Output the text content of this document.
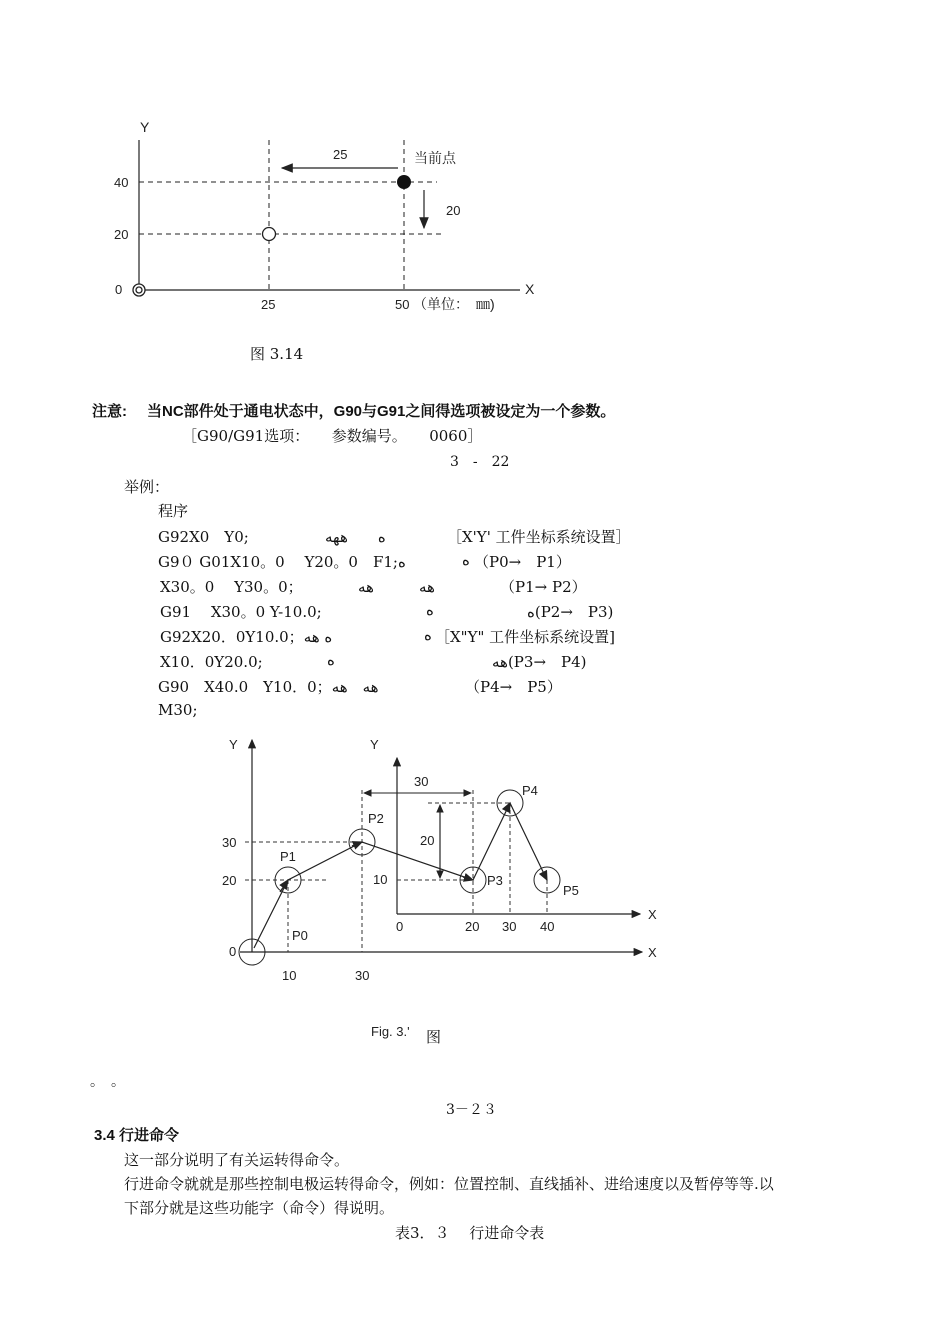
Y
X
40
20
0
25	50 （单位：　㎜)
25
20
当前点
Y	Y
X
X
30
20
0
10
10	30
0	20 30 40
30
20
P0
P1
P2
P3
P4
P5
Fig. 3.'
图 3.14
注意: 当NC部件处于通电状态中，G90与G91之间得选项被设定为一个参数。
［G90/G91选项：　　参数编号。　　0060］
3　-　22
举例：
程序
G92X0　Y0;	ه　　ههه	［X'Y' 工件坐标系统设置］
G9０ G01X10。0　 Y20。0　F1;ه	ه （P0→　P1）
X30。0　 Y30。0；	هه　　　هه	（P1→ P2）
G91　 X30。0 Y-10.0;	ه	ه(P2→　P3)
G92X20．0Y10.0；ه هه	ه ［X"Y" 工件坐标系统设置]
X10．0Y20.0;	ه	هه(P3→　P4)
G90　X40.0　Y10．0；هه　هه	（P4→　P5）
M30;
图
。　。
3－２３
3.4 行进命令
这一部分说明了有关运转得命令。
行进命令就就是那些控制电极运转得命令，例如：位置控制、直线插补、进给速度以及暂停等等.以
下部分就是这些功能字（命令）得说明。
表3．３　 行进命令表
